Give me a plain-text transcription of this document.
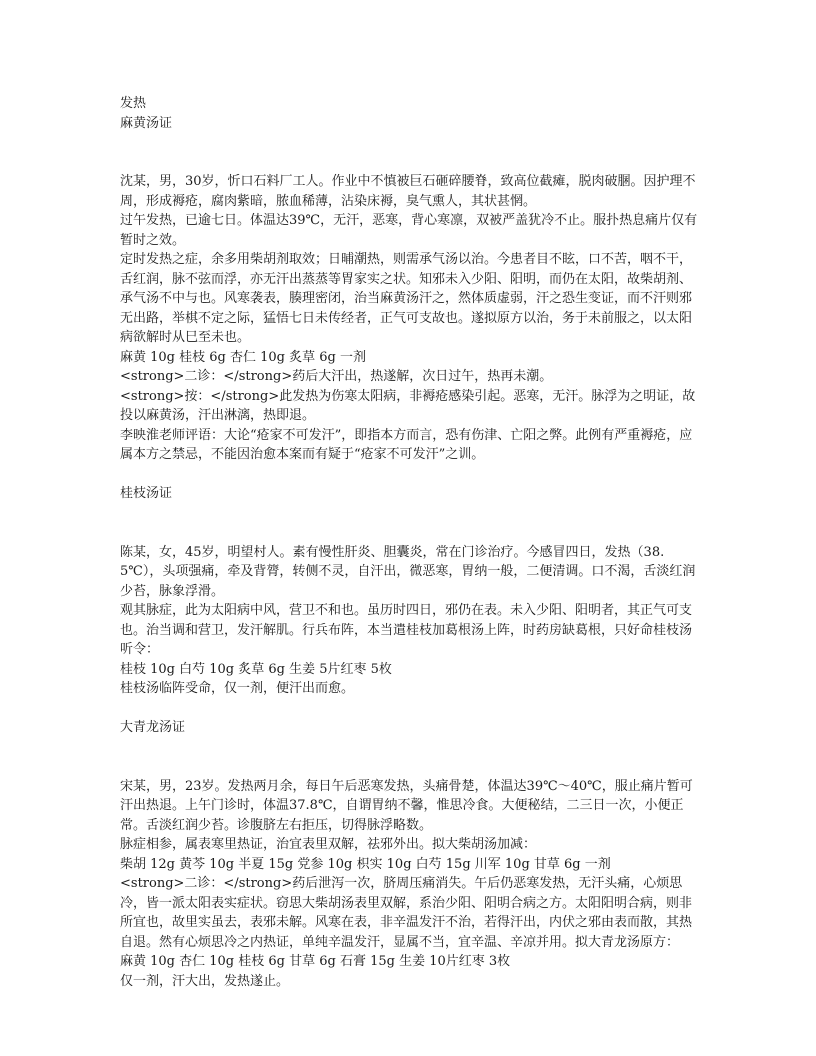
发热

麻黄汤证

沈某，男，30岁，忻口石料厂工人。作业中不慎被巨石砸碎腰脊，致高位截瘫，脱肉破䐃。因护理不周，形成褥疮，腐肉紫暗，脓血稀薄，沾染床褥，臭气熏人，其状甚惘。

过午发热，已逾七日。体温达39℃，无汗，恶寒，背心寒凛，双被严盖犹冷不止。服扑热息痛片仅有暂时之效。

定时发热之症，余多用柴胡剂取效；日晡潮热，则需承气汤以治。今患者目不眩，口不苦，咽不干，舌红润，脉不弦而浮，亦无汗出蒸蒸等胃家实之状。知邪未入少阳、阳明，而仍在太阳，故柴胡剂、承气汤不中与也。风寒袭表，腠理密闭，治当麻黄汤汗之，然体质虚弱，汗之恐生变证，而不汗则邪无出路，举棋不定之际，猛悟七日未传经者，正气可支故也。遂拟原方以治，务于未前服之，以太阳病欲解时从巳至未也。

麻黄 10g 桂枝 6g 杏仁 10g 炙草 6g 一剂

<strong>二诊：</strong>药后大汗出，热遂解，次日过午，热再未潮。

<strong>按：</strong>此发热为伤寒太阳病，非褥疮感染引起。恶寒，无汗。脉浮为之明证，故投以麻黄汤，汗出淋漓，热即退。

李映淮老师评语：大论“疮家不可发汗”，即指本方而言，恐有伤津、亡阳之弊。此例有严重褥疮，应属本方之禁忌，不能因治愈本案而有疑于“疮家不可发汗”之训。

桂枝汤证

陈某，女，45岁，明望村人。素有慢性肝炎、胆囊炎，常在门诊治疗。今感冒四日，发热（38.5℃），头项强痛，牵及背膂，转侧不灵，自汗出，微恶寒，胃纳一般，二便清调。口不渴，舌淡红润少苔，脉象浮滑。

观其脉症，此为太阳病中风，营卫不和也。虽历时四日，邪仍在表。未入少阳、阳明者，其正气可支也。治当调和营卫，发汗解肌。行兵布阵，本当遣桂枝加葛根汤上阵，时药房缺葛根，只好命桂枝汤听令：

桂枝 10g 白芍 10g 炙草 6g 生姜 5片红枣 5枚

桂枝汤临阵受命，仅一剂，便汗出而愈。

大青龙汤证

宋某，男，23岁。发热两月余，每日午后恶寒发热，头痛骨楚，体温达39℃～40℃，服止痛片暂可汗出热退。上午门诊时，体温37.8℃，自谓胃纳不馨，惟思冷食。大便秘结，二三日一次，小便正常。舌淡红润少苔。诊腹脐左右拒压，切得脉浮略数。

脉症相参，属表寒里热证，治宜表里双解，祛邪外出。拟大柴胡汤加减：

柴胡 12g 黄芩 10g 半夏 15g 党参 10g 枳实 10g 白芍 15g 川军 10g 甘草 6g 一剂

<strong>二诊：</strong>药后泄泻一次，脐周压痛消失。午后仍恶寒发热，无汗头痛，心烦思冷，皆一派太阳表实症状。窃思大柴胡汤表里双解，系治少阳、阳明合病之方。太阳阳明合病，则非所宜也，故里实虽去，表邪未解。风寒在表，非辛温发汗不治，若得汗出，内伏之邪由表而散，其热自退。然有心烦思冷之内热证，单纯辛温发汗，显属不当，宜辛温、辛凉并用。拟大青龙汤原方：

麻黄 10g 杏仁 10g 桂枝 6g 甘草 6g 石膏 15g 生姜 10片红枣 3枚

仅一剂，汗大出，发热遂止。
